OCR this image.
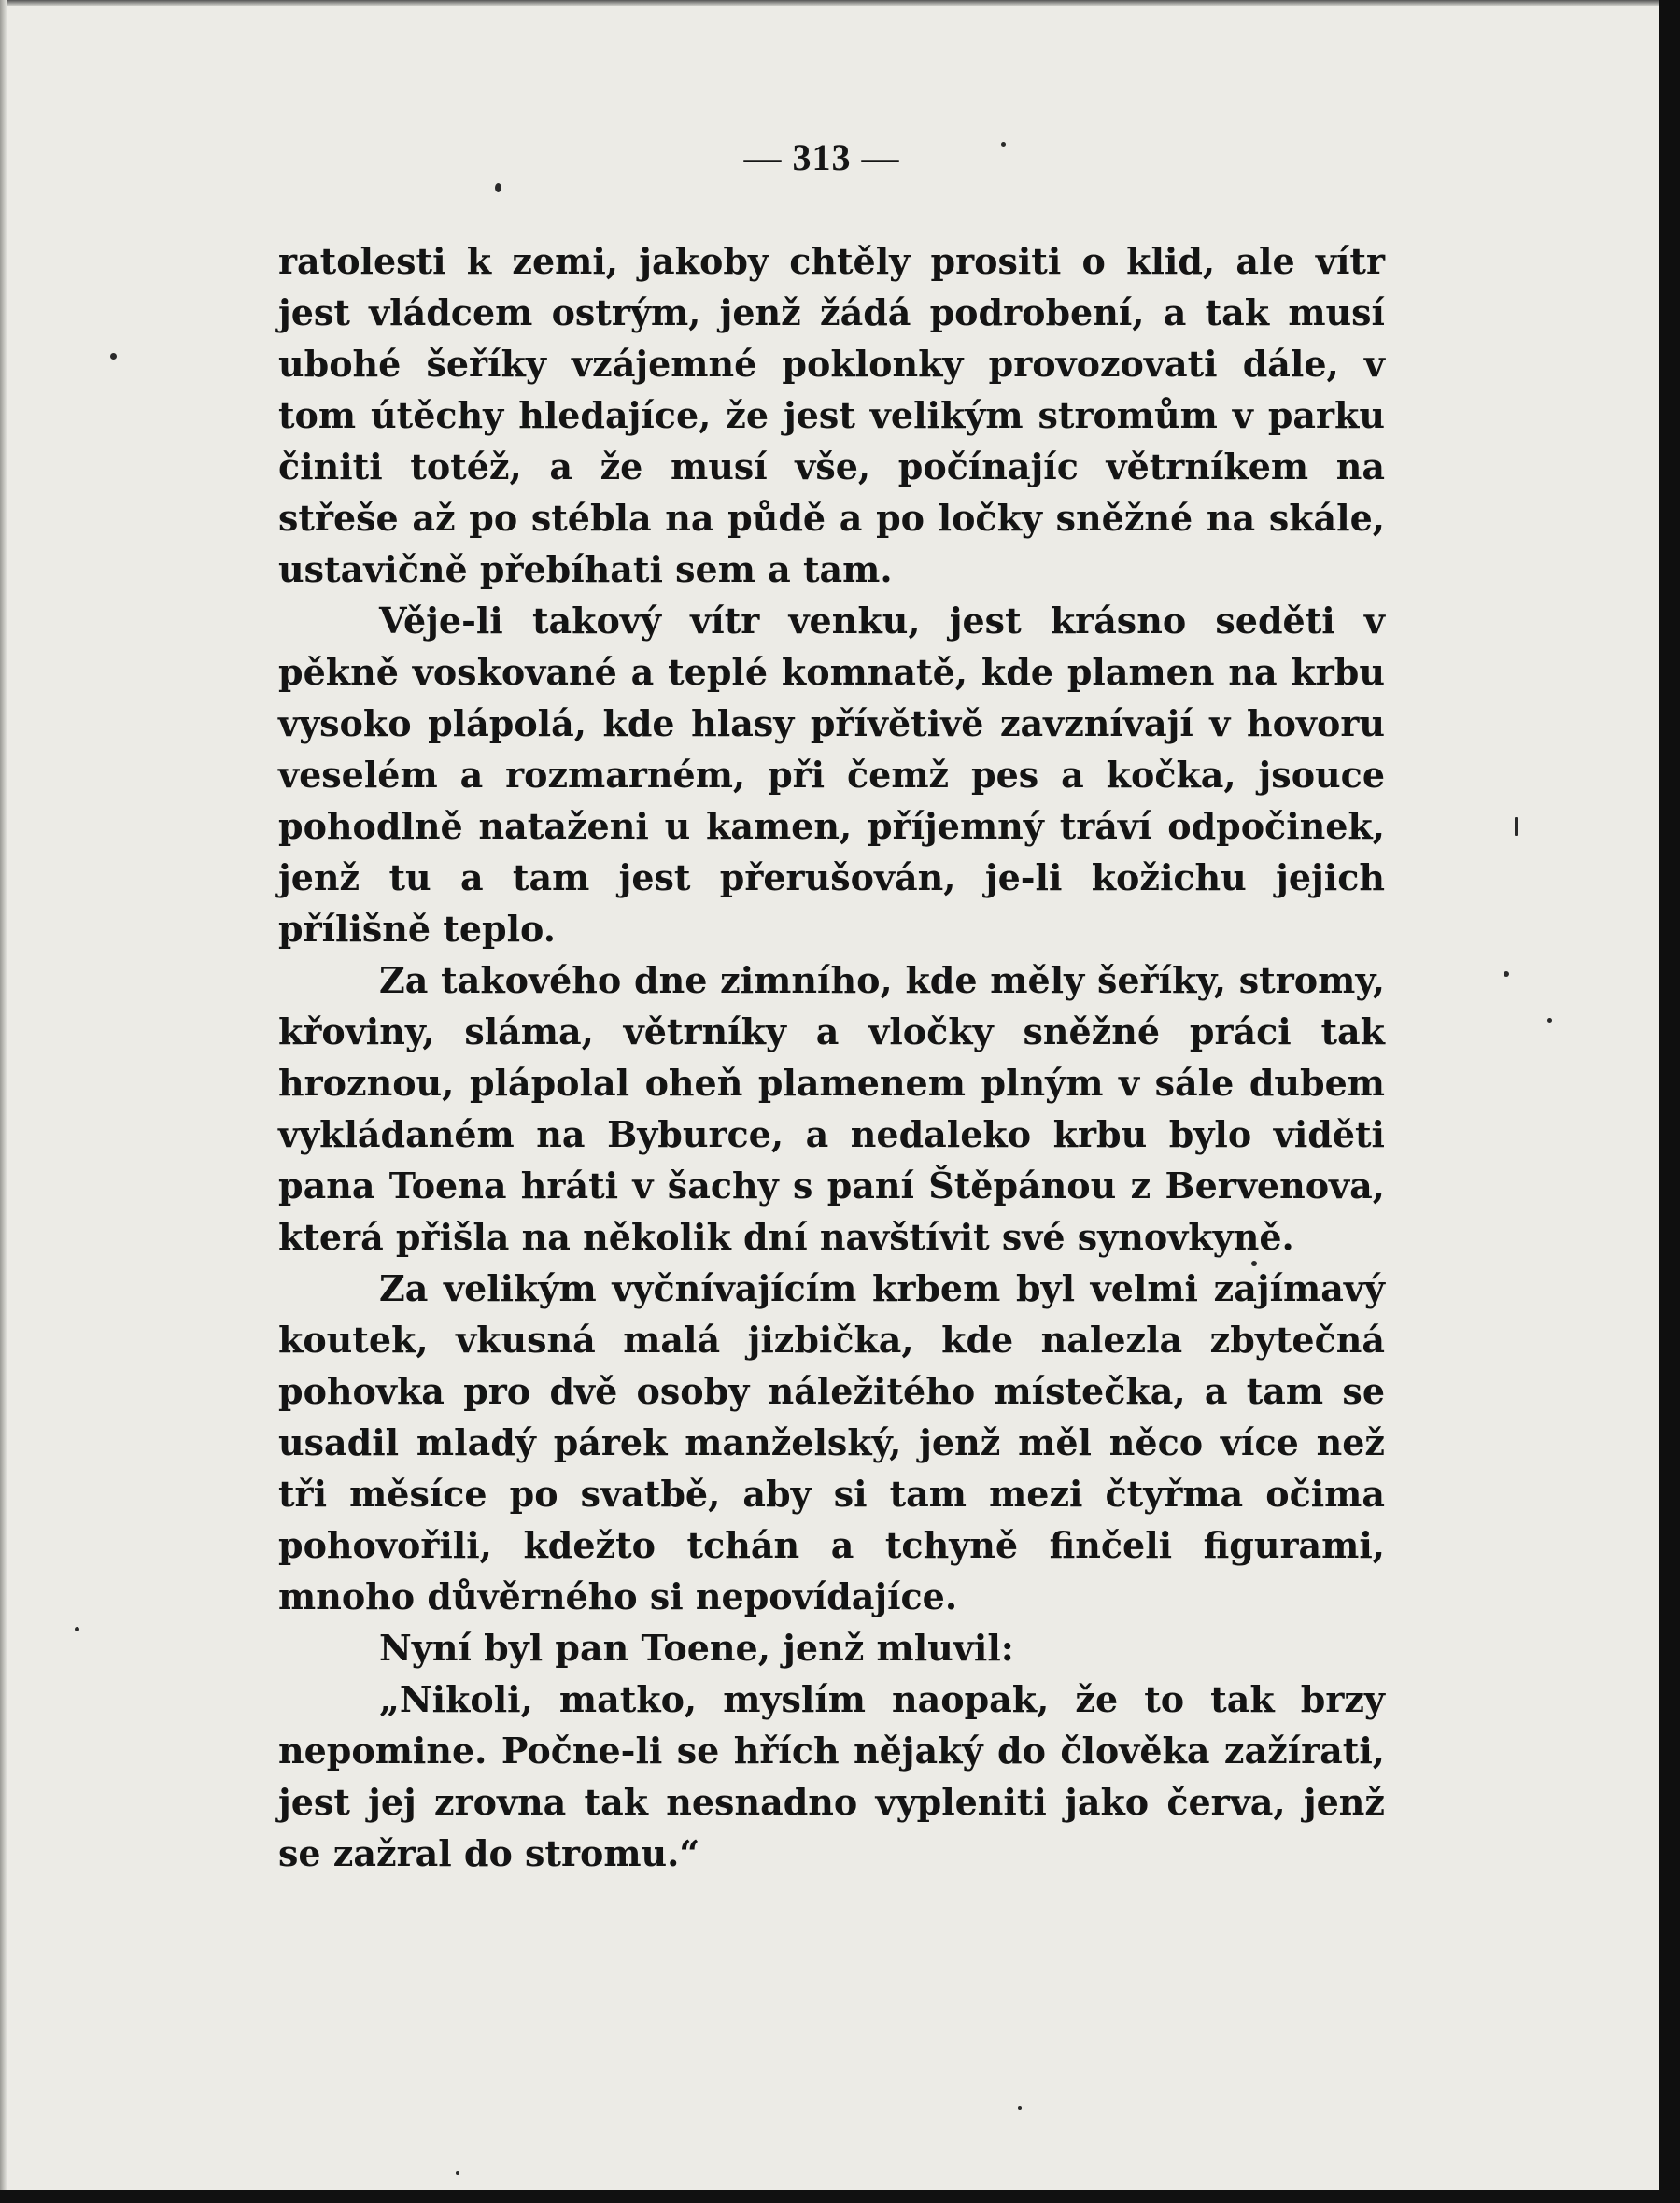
— 313 —

ratolesti k zemi, jakoby chtěly prositi o klid, ale vítr jest vládcem ostrým, jenž žádá podrobení, a tak musí ubohé šeříky vzájemné poklonky provozovati dále, v tom útěchy hledajíce, že jest velikým stromům v parku činiti totéž, a že musí vše, počínajíc větrníkem na střeše až po stébla na půdě a po ločky sněžné na skále, ustavičně přebíhati sem a tam.

Věje-li takový vítr venku, jest krásno seděti v pěkně voskované a teplé komnatě, kde plamen na krbu vysoko plápolá, kde hlasy přívětivě zavznívají v hovoru veselém a rozmarném, při čemž pes a kočka, jsouce pohodlně nataženi u kamen, příjemný tráví odpočinek, jenž tu a tam jest přerušován, je-li kožichu jejich přílišně teplo.

Za takového dne zimního, kde měly šeříky, stromy, křoviny, sláma, větrníky a vločky sněžné práci tak hroznou, plápolal oheň plamenem plným v sále dubem vykládaném na Byburce, a nedaleko krbu bylo viděti pana Toena hráti v šachy s paní Štěpánou z Bervenova, která přišla na několik dní navštívit své synovkyně.

Za velikým vyčnívajícím krbem byl velmi zajímavý koutek, vkusná malá jizbička, kde nalezla zbytečná pohovka pro dvě osoby náležitého místečka, a tam se usadil mladý párek manželský, jenž měl něco více než tři měsíce po svatbě, aby si tam mezi čtyřma očima pohovořili, kdežto tchán a tchyně finčeli figurami, mnoho důvěrného si nepovídajíce.

Nyní byl pan Toene, jenž mluvil:

„Nikoli, matko, myslím naopak, že to tak brzy nepomine. Počne-li se hřích nějaký do člověka zažírati, jest jej zrovna tak nesnadno vypleniti jako červa, jenž se zažral do stromu.“
